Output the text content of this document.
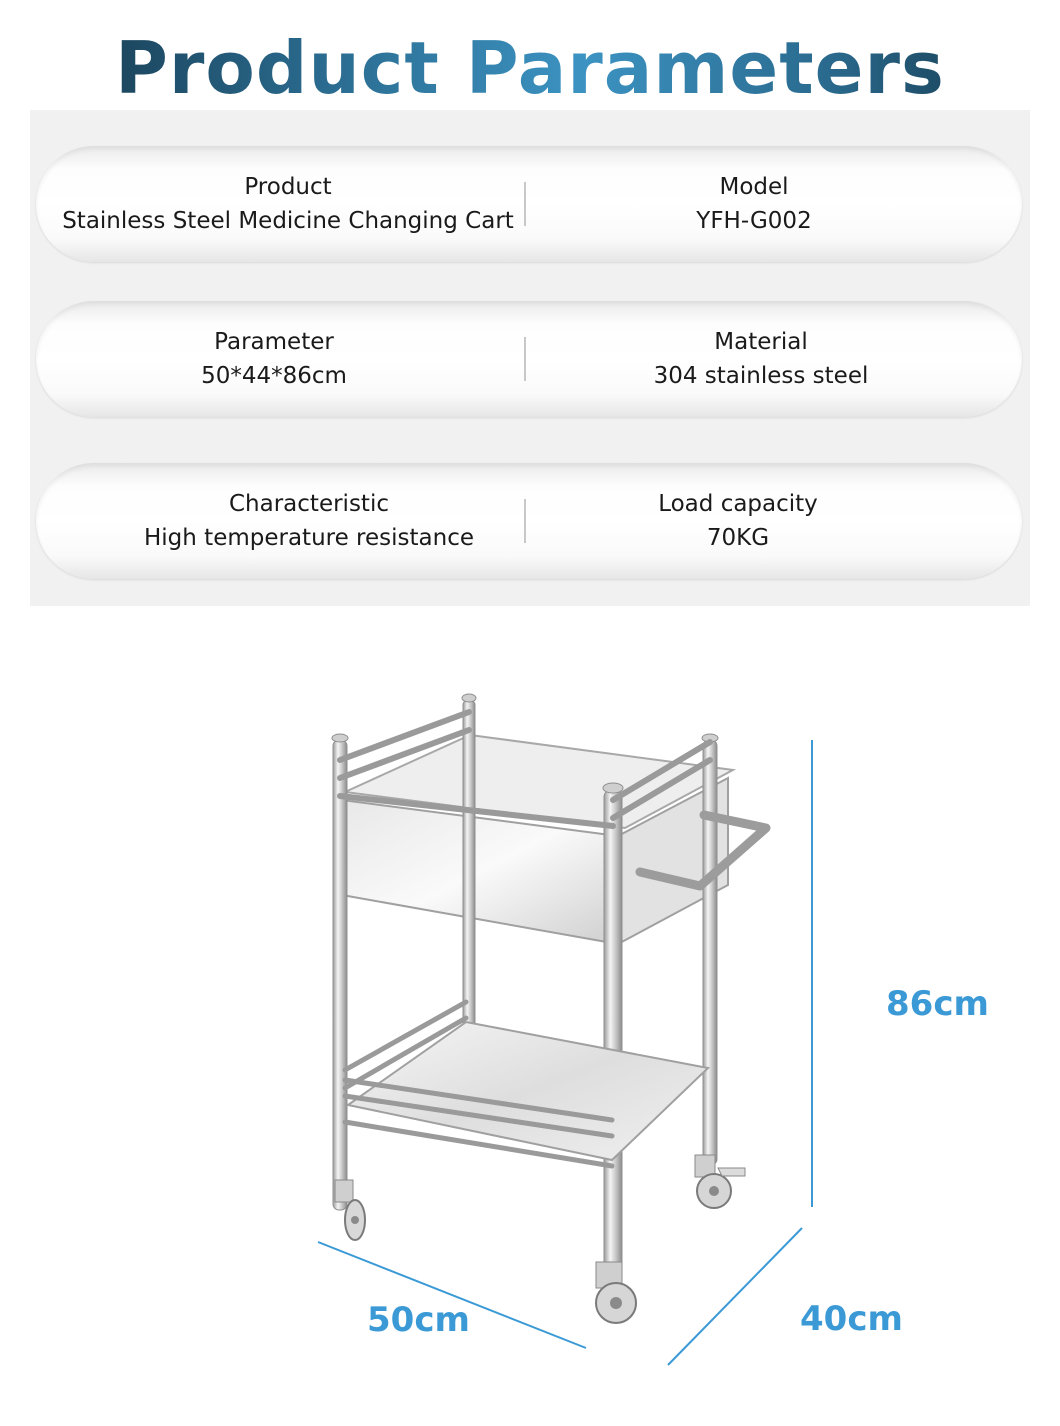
Product Parameters
Product
Stainless Steel Medicine Changing Cart
Model
YFH-G002
Parameter
50*44*86cm
Material
304 stainless steel
Characteristic
High temperature resistance
Load capacity
70KG
86cm
50cm	40cm
